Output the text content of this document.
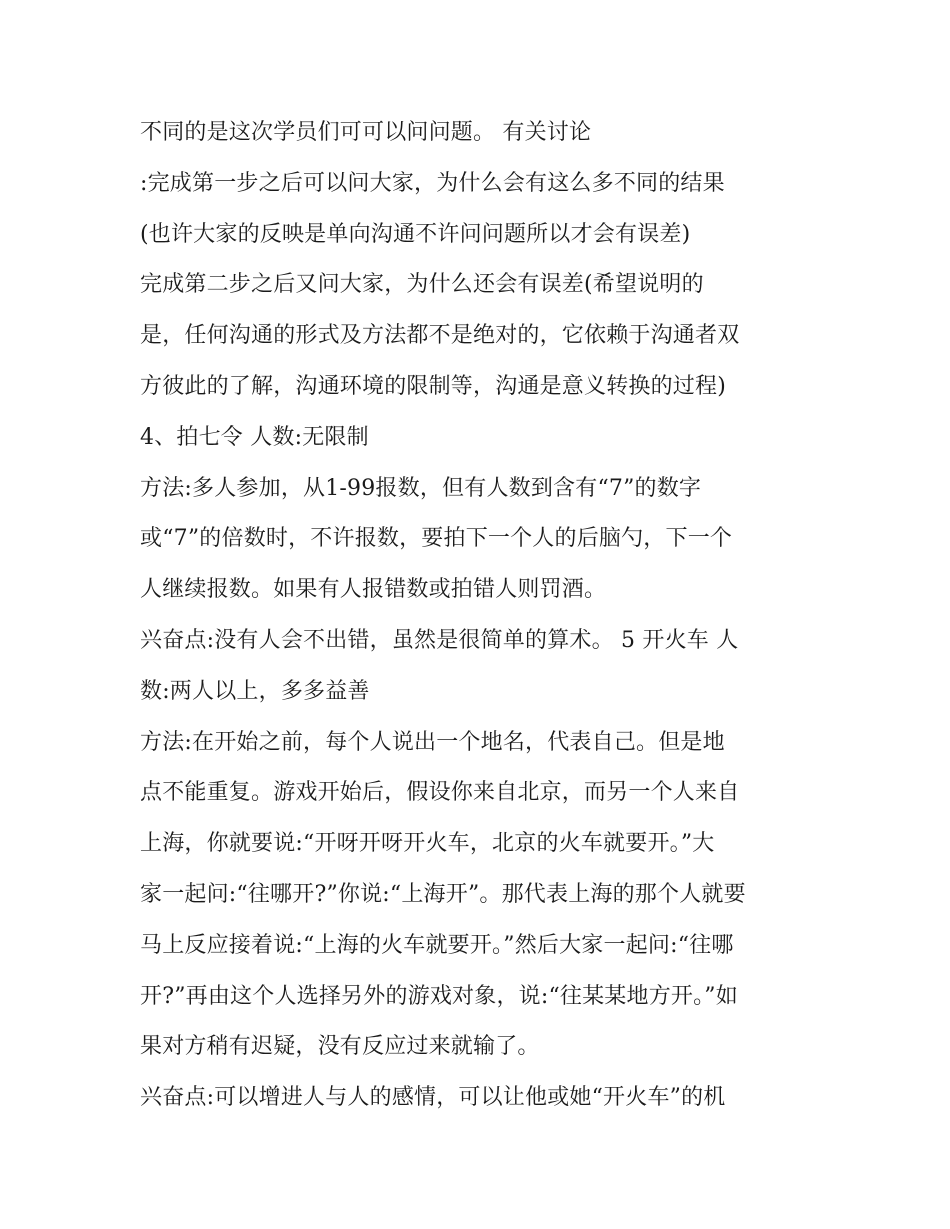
不同的是这次学员们可可以问问题。 有关讨论
:完成第一步之后可以问大家，为什么会有这么多不同的结果
(也许大家的反映是单向沟通不许问问题所以才会有误差)
完成第二步之后又问大家，为什么还会有误差(希望说明的
是，任何沟通的形式及方法都不是绝对的，它依赖于沟通者双
方彼此的了解，沟通环境的限制等，沟通是意义转换的过程)
4、拍七令 人数:无限制
方法:多人参加，从1-99报数，但有人数到含有“7”的数字
或“7”的倍数时，不许报数，要拍下一个人的后脑勺，下一个
人继续报数。如果有人报错数或拍错人则罚酒。
兴奋点:没有人会不出错，虽然是很简单的算术。 5 开火车 人
数:两人以上，多多益善
方法:在开始之前，每个人说出一个地名，代表自己。但是地
点不能重复。游戏开始后，假设你来自北京，而另一个人来自
上海，你就要说:“开呀开呀开火车，北京的火车就要开。”大
家一起问:“往哪开?”你说:“上海开”。那代表上海的那个人就要
马上反应接着说:“上海的火车就要开。”然后大家一起问:“往哪
开?”再由这个人选择另外的游戏对象，说:“往某某地方开。”如
果对方稍有迟疑，没有反应过来就输了。
兴奋点:可以增进人与人的感情，可以让他或她“开火车”的机
